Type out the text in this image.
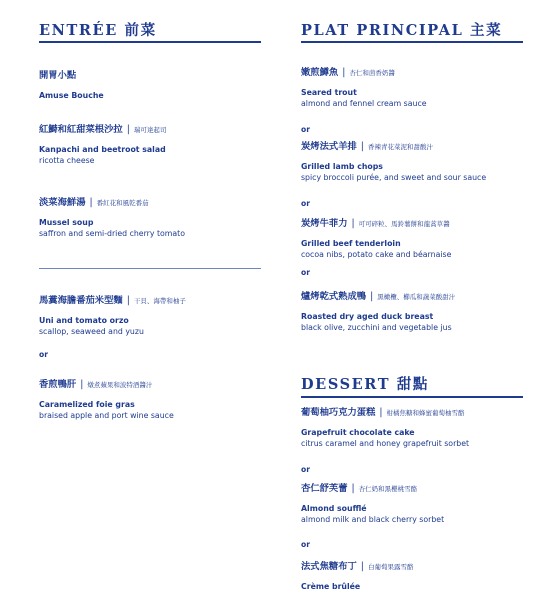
ENTRÉE 前菜
開胃小點
Amuse Bouche
紅鰣和紅甜菜根沙拉 | 瑞可達起司
Kanpachi and beetroot salad
ricotta cheese
淡菜海鮮湯 | 番紅花和風乾番茄
Mussel soup
saffron and semi-dried cherry tomato
馬糞海膽番茄米型麵 | 干貝、海帶和柚子
Uni and tomato orzo
scallop, seaweed and yuzu
or
香煎鴨肝 | 燉煮蘋果和波特酒醬汁
Caramelized foie gras
braised apple and port wine sauce
PLAT PRINCIPAL 主菜
嫩煎鱒魚 | 杏仁和茴香奶醬
Seared trout
almond and fennel cream sauce
or
炭烤法式羊排 | 香辣青花菜泥和甜酸汁
Grilled lamb chops
spicy broccoli purée, and sweet and sour sauce
or
炭烤牛菲力 | 可可碎粒、馬鈴薯餅和龍蒿草醬
Grilled beef tenderloin
cocoa nibs, potato cake and béarnaise
or
爐烤乾式熟成鴨 | 黑橄欖、櫛瓜和蔬菜酸甜汁
Roasted dry aged duck breast
black olive, zucchini and vegetable jus
DESSERT 甜點
葡萄柚巧克力蛋糕 | 柑橘焦糖和蜂蜜葡萄柚雪酪
Grapefruit chocolate cake
citrus caramel and honey grapefruit sorbet
or
杏仁舒芙蕾 | 杏仁奶和黑櫻桃雪酪
Almond soufflé
almond milk and black cherry sorbet
or
法式焦糖布丁 | 白葡萄果露雪酪
Crème brûlée
